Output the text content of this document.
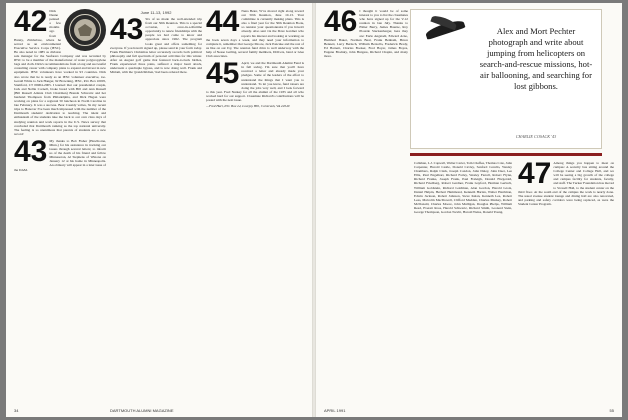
42 Dick Deane penned a few months ago from Hanny, Zimbabwe, where he served as an environmental Executive Service Corps (IESC). He also noted in 1985 as division sale manager for the Seafarers Company and was recruited by IESC to be a member of the manufacturer of water polypropylene bags and cloth. Dick's recommendations from a long and successful consulting career with company plans to expand and invest in new equipment. IESC volunteers have worked in 93 countries. Dick also wrote that he is ready as an IESC volunteer executive, too. Gerald White to Jack Hanger, 92 Browning, IESC, P.O. Box 10005, Stamford, CT 06904-2005. I learned that our presidential couple, Jack and Nellie Cornell, broke bread with Bill and Ann Russell (Bill Russell Atlanta Club Chairman) Brenda Schwartz and her husband Thompson from Philadelphia, and Dick Hagan were working on plans for a regional 50 luncheon in North Carolina in late February. It was a success. Bear Cassidy writes, 'In my recent trips to Hanover I've been much impressed with the number of the Dartmouth students' dedication to teaching. The talent and enthusiasm of the students take me back to our own class days of studying reunion and work reports in the U.S. News survey that concluded that Dartmouth ranking as the top national university. The feeling is so unanimous that parents of students are a new record.'

43 My thanks to Bob Fisher (Hawthorne, Minn.) for his assistance in tracking our issues through several letters; to inform us of the death of his friend and fellow Minnesotan, Al Stephens of Winona on January 12 at his home in Minneapolis. An obituary will appear in a later issue of the DAM.

June 11-13, 1992
43 Six of us made the well-attended trip from our 50th Reunion. This is a special occasion, a once-in-a-lifetime opportunity to renew friendships with the people we had come to know and appreciate since 1962. The program looks great and offers something for everyone. If you haven't signed up, please send in your form today. Frank Hartman's Christmas letter accurately records both political philosophy and full spectrum of personal activities for this winter. After an August golf game that featured back-to-back birdies, Frank experienced three pains, suffered a major heart attack, underwent a quadruple bypass, and is now doing well. Frank and Miriam, with the 'grandchildren,' had been ordered there.

44 Nena Beier, W've moved right along toward our 50th Reunion, June 10-13. Your committee is currently making plans. This is also a final year for the 50th Reunion Book, so reunion your questionnaire if you haven't already. Also sent via the Dave Gardner who reports his interest and looking at working on the book seven days a week, and they need your information to complete it, remember that George Moore, Jack Pancake and the rest of us like on our Ivy, The reunion fund drive is well underway with the help of Neese Gatling, several family members, DOCers, band or Glee Club associates.

45 April, we and the Dartmouth Alumni Fund is in full swing. I'm sure that you'll have received a letter and already made your pledges. Some of the leaders of the effort to understand the things that I want you to understand. To let you know, fund raisers are doing the jobs very well, and I look forward to this year. Fred Nurkey for all the alumni of the 1935 and all who worked hard for our support. Classmate Richard's contributions will be posted with the next issue.

—Fred Hart, P.O. Box 24, Lovejoy Hill, Corsicash, VA 22049

34	DARTMOUTH ALUMNI MAGAZINE
Alex and Mort Pechter photograph and write about jumping from helicopters on search-and-rescue missions, hot-air ballooning, and searching for lost gibbons.
CHARLIE COSACK '43
46 I thought it would be of some interest to you to list the classmates who have signed up for the V-12 reunion in late July. Thanks to Elmer Berry, James Bourne, Roy Plourde Stuckenberger, here they are: Earle Angstadt, Edward Arno, Humbert Baker, Norman Beal, Frank Benham, Bruce Bennett, Larry Bertuch, William Berzolla, Frederick Brady, Ed Barnett, Charles Booker, Fred Boyer, James Boyes, Eugene Brodsky, John Burgess, Richard Chapin, and many more.

Callahan, L.J. Capwell, Walter Carter, Tom Chaffee, Thomas Cole, John Carpenter, Harold Castle, Donald Cavley, Sanford Cerullo, Wesley Chambers, Ralph Clark, Joseph Condon, John Daley, John Deer, Lee Ellis, Paul Engelhart, Richard Farley, Wesley Farrell, Robert Flynn, Richard Franks, Joseph Frank, Paul Fraleigh, Donald Fitzgerald, Richard Friedberg, Robert Gardner, Frank Gayford, Herman Gerlach, William Goldstein, Richard Goldman, Alan Gordon, Harold Grotz, Daniel Halpin, Herbert Hammond, Kenneth Harlan, Walter Harriman, Edwin Jackson, Robert Johnson, Steve Kalan, Kenneth Lee, Robert Leas, Malcolm MacDowell, Clifford Madden, Charles Markey, Robert McDonald, Charles Moore, John Mulligan, Douglas Phelps, William Reed, Everett Ross, Harold Schwartz, Richard Smith, Leonard Stein, George Thompson, Gordon Trevitt, Harold Weiss, Donald Young.

47 Among things you happen to meet on campus: A security bus sitting around the College Center and College Hall, and we will be seeing a big growth of the college and campus facility for students, faculty, and staff. The Tucker Foundation has moved to Stowell Hall, to the student center on the third floor. At the south end of the campus the work is nearly done. The usual avenue student lounge and dining hall are also renovated, and parking and safety corridors were being replaced, as were the Student Center Program.

APRIL 1991	55
